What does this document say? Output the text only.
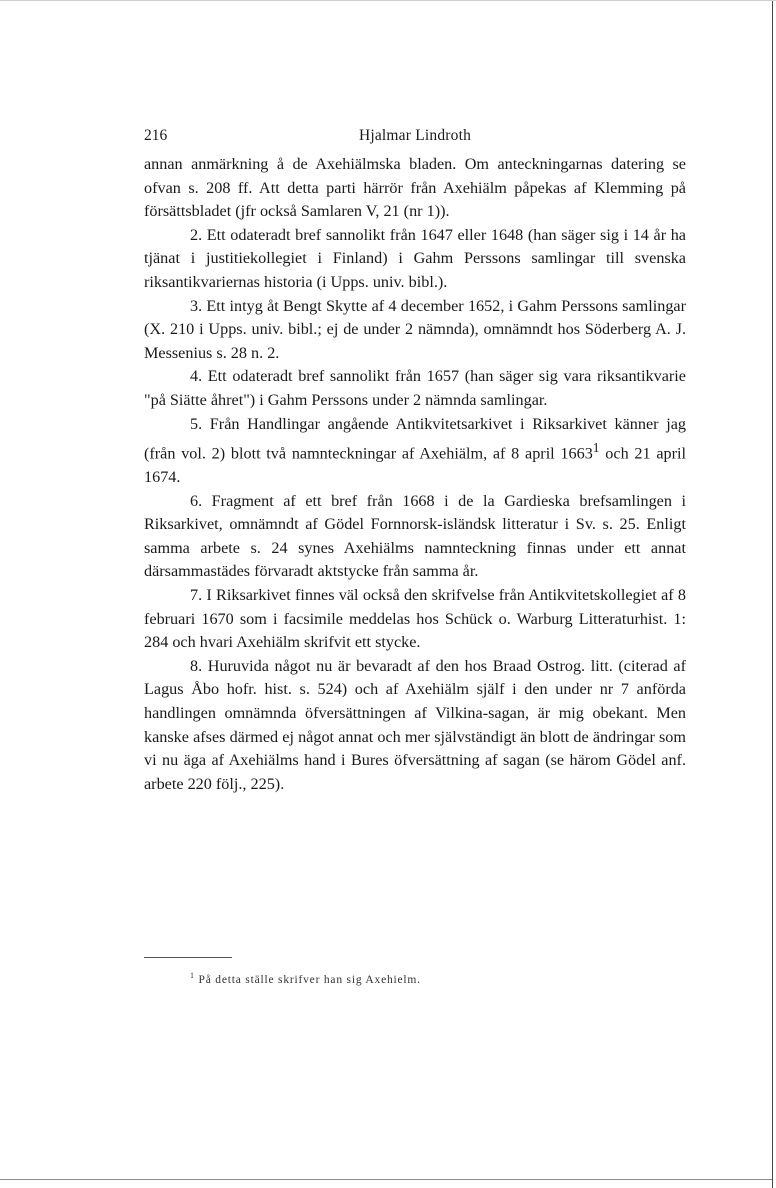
216	Hjalmar Lindroth

annan anmärkning å de Axehiälmska bladen. Om anteckningarnas datering se ofvan s. 208 ff. Att detta parti härrör från Axehiälm påpekas af Klemming på försättsbladet (jfr också Samlaren V, 21 (nr 1)).

2. Ett odateradt bref sannolikt från 1647 eller 1648 (han säger sig i 14 år ha tjänat i justitiekollegiet i Finland) i Gahm Perssons samlingar till svenska riksantikvariernas historia (i Upps. univ. bibl.).

3. Ett intyg åt Bengt Skytte af 4 december 1652, i Gahm Perssons samlingar (X. 210 i Upps. univ. bibl.; ej de under 2 nämnda), omnämndt hos Söderberg A. J. Messenius s. 28 n. 2.

4. Ett odateradt bref sannolikt från 1657 (han säger sig vara riksantikvarie "på Siätte åhret") i Gahm Perssons under 2 nämnda samlingar.

5. Från Handlingar angående Antikvitetsarkivet i Riksarkivet känner jag (från vol. 2) blott två namnteckningar af Axehiälm, af 8 april 1663$^1$ och 21 april 1674.

6. Fragment af ett bref från 1668 i de la Gardieska brefsamlingen i Riksarkivet, omnämndt af Gödel Fornnorsk-isländsk litteratur i Sv. s. 25. Enligt samma arbete s. 24 synes Axehiälms namnteckning finnas under ett annat därsammastädes förvaradt aktstycke från samma år.

7. I Riksarkivet finnes väl också den skrifvelse från Antikvitetskollegiet af 8 februari 1670 som i facsimile meddelas hos Schück o. Warburg Litteraturhist. 1: 284 och hvari Axehiälm skrifvit ett stycke.

8. Huruvida något nu är bevaradt af den hos Braad Ostrog. litt. (citerad af Lagus Åbo hofr. hist. s. 524) och af Axehiälm själf i den under nr 7 anförda handlingen omnämnda öfversättningen af Vilkina-sagan, är mig obekant. Men kanske afses därmed ej något annat och mer självständigt än blott de ändringar som vi nu äga af Axehiälms hand i Bures öfversättning af sagan (se härom Gödel anf. arbete 220 följ., 225).

$^1$ På detta ställe skrifver han sig Axehielm.
